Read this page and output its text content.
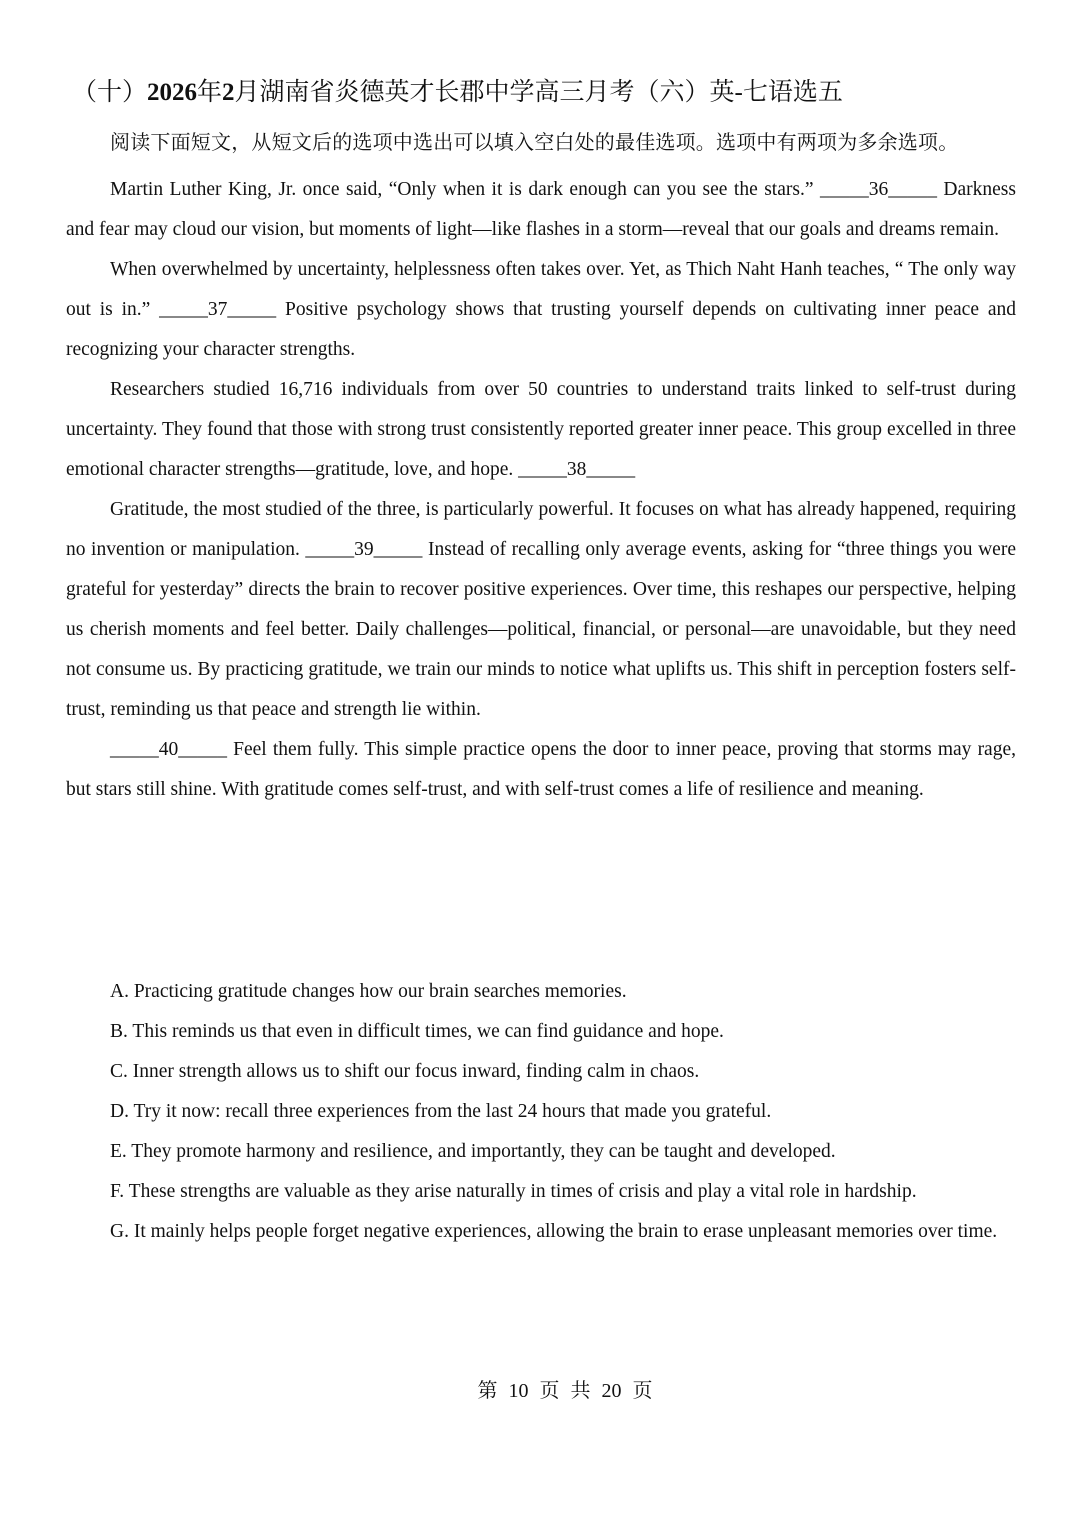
（十）2026年2月湖南省炎德英才长郡中学高三月考（六）英-七语选五
阅读下面短文，从短文后的选项中选出可以填入空白处的最佳选项。选项中有两项为多余选项。

Martin Luther King, Jr. once said, “Only when it is dark enough can you see the stars.” _____36_____ Darkness and fear may cloud our vision, but moments of light—like flashes in a storm—reveal that our goals and dreams remain.

When overwhelmed by uncertainty, helplessness often takes over. Yet, as Thich Naht Hanh teaches, “ The only way out is in.” _____37_____ Positive psychology shows that trusting yourself depends on cultivating inner peace and recognizing your character strengths.

Researchers studied 16,716 individuals from over 50 countries to understand traits linked to self-trust during uncertainty. They found that those with strong trust consistently reported greater inner peace. This group excelled in three emotional character strengths—gratitude, love, and hope. _____38_____

Gratitude, the most studied of the three, is particularly powerful. It focuses on what has already happened, requiring no invention or manipulation. _____39_____ Instead of recalling only average events, asking for “three things you were grateful for yesterday” directs the brain to recover positive experiences. Over time, this reshapes our perspective, helping us cherish moments and feel better. Daily challenges—political, financial, or personal—are unavoidable, but they need not consume us. By practicing gratitude, we train our minds to notice what uplifts us. This shift in perception fosters self-trust, reminding us that peace and strength lie within.

_____40_____ Feel them fully. This simple practice opens the door to inner peace, proving that storms may rage, but stars still shine. With gratitude comes self-trust, and with self-trust comes a life of resilience and meaning.

A. Practicing gratitude changes how our brain searches memories.

B. This reminds us that even in difficult times, we can find guidance and hope.

C. Inner strength allows us to shift our focus inward, finding calm in chaos.

D. Try it now: recall three experiences from the last 24 hours that made you grateful.

E. They promote harmony and resilience, and importantly, they can be taught and developed.

F. These strengths are valuable as they arise naturally in times of crisis and play a vital role in hardship.

G. It mainly helps people forget negative experiences, allowing the brain to erase unpleasant memories over time.

第 10 页 共 20 页
